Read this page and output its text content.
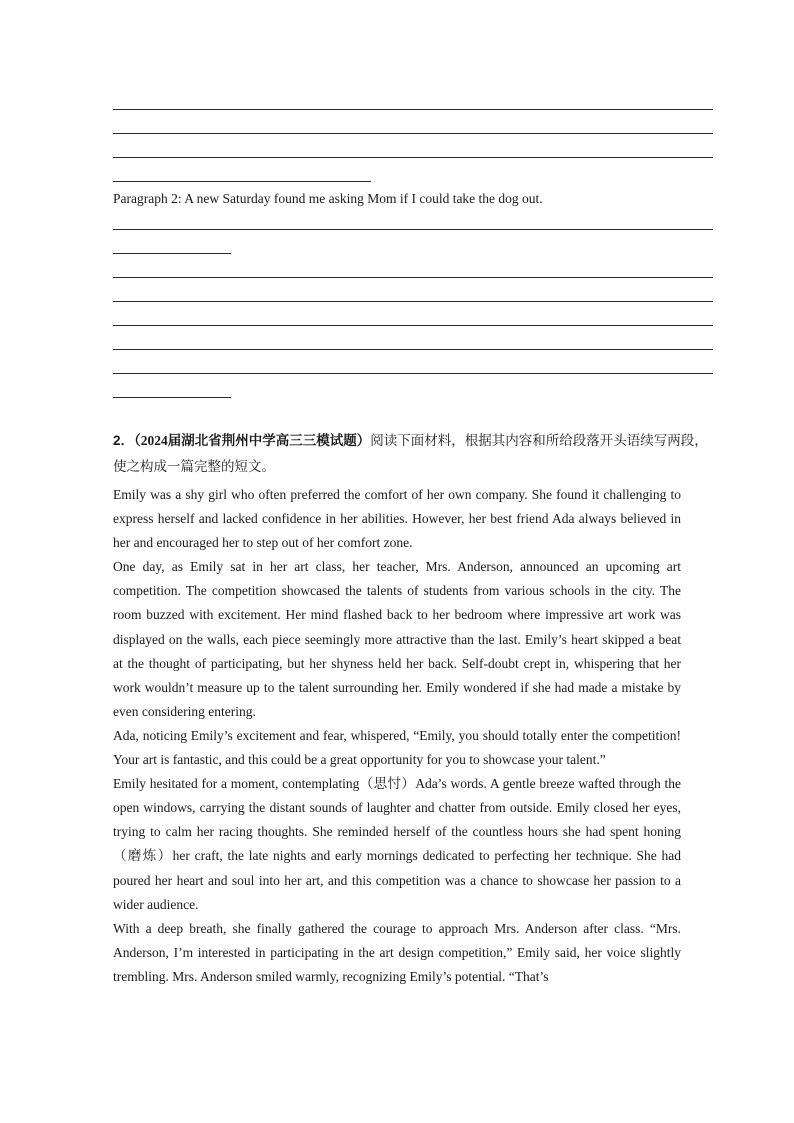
Paragraph 2: A new Saturday found me asking Mom if I could take the dog out.
2．（2024届湖北省荆州中学高三三模试题）阅读下面材料，根据其内容和所给段落开头语续写两段，使之构成一篇完整的短文。

Emily was a shy girl who often preferred the comfort of her own company. She found it challenging to express herself and lacked confidence in her abilities. However, her best friend Ada always believed in her and encouraged her to step out of her comfort zone.

One day, as Emily sat in her art class, her teacher, Mrs. Anderson, announced an upcoming art competition. The competition showcased the talents of students from various schools in the city. The room buzzed with excitement. Her mind flashed back to her bedroom where impressive art work was displayed on the walls, each piece seemingly more attractive than the last. Emily’s heart skipped a beat at the thought of participating, but her shyness held her back. Self-doubt crept in, whispering that her work wouldn’t measure up to the talent surrounding her. Emily wondered if she had made a mistake by even considering entering.

Ada, noticing Emily’s excitement and fear, whispered, “Emily, you should totally enter the competition! Your art is fantastic, and this could be a great opportunity for you to showcase your talent.”

Emily hesitated for a moment, contemplating（思忖）Ada’s words. A gentle breeze wafted through the open windows, carrying the distant sounds of laughter and chatter from outside. Emily closed her eyes, trying to calm her racing thoughts. She reminded herself of the countless hours she had spent honing（磨炼）her craft, the late nights and early mornings dedicated to perfecting her technique. She had poured her heart and soul into her art, and this competition was a chance to showcase her passion to a wider audience.

With a deep breath, she finally gathered the courage to approach Mrs. Anderson after class. “Mrs. Anderson, I’m interested in participating in the art design competition,” Emily said, her voice slightly trembling. Mrs. Anderson smiled warmly, recognizing Emily’s potential. “That’s
